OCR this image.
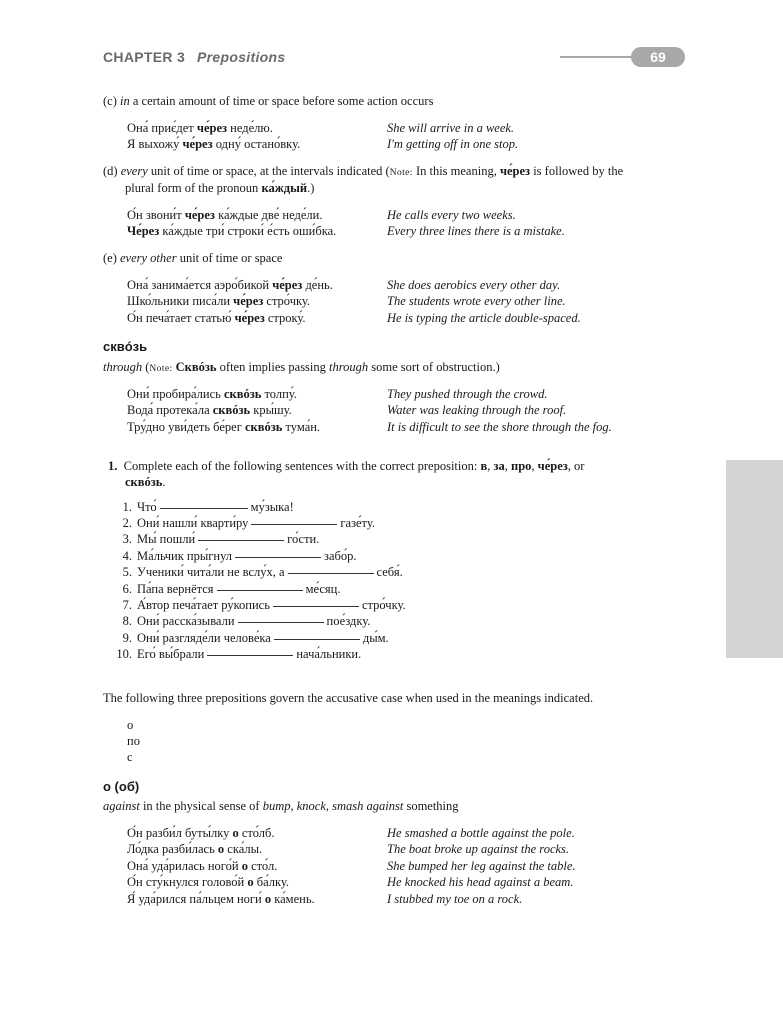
CHAPTER 3 Prepositions	69
(c) in a certain amount of time or space before some action occurs
Она́ приє́дет че́рез неде́лю.	She will arrive in a week.
Я выхожу́ че́рез одну́ остано́вку.	I'm getting off in one stop.
(d) every unit of time or space, at the intervals indicated (Note: In this meaning, че́рез is followed by the
plural form of the pronoun ка́ждый.)
О́н звони́т че́рез ка́ждые две́ неде́ли.	He calls every two weeks.
Че́рез ка́ждые три́ строки́ е́сть оши́бка.	Every three lines there is a mistake.
(e) every other unit of time or space
Она́ занима́ется аэро́бикой че́рез де́нь.	She does aerobics every other day.
Шко́льники писа́ли че́рез стро́чку.	The students wrote every other line.
О́н печа́тает статью́ че́рез строку́.	He is typing the article double-spaced.
сквóзь
through (Note: Сквóзь often implies passing through some sort of obstruction.)
Они́ пробира́лись сквóзь толпу́.	They pushed through the crowd.
Вода́ протека́ла сквóзь кры́шу.	Water was leaking through the roof.
Тру́дно уви́деть бе́рег сквóзь тума́н.	It is difficult to see the shore through the fog.
1. Complete each of the following sentences with the correct preposition: в, за, про, че́рез, or
сквóзь.
1. Что́	му́зыка!
2. Они́ нашли́ кварти́ру	газе́ту.
3. Мы́ пошли́	го́сти.
4. Ма́льчик пры́гнул	забо́р.
5. Ученики́ чита́ли не вслу́х, а	себя́.
6. Па́па вернётся	ме́сяц.
7. А́втор печа́тает ру́копись	стро́чку.
8. Они́ расска́зывали	пое́здку.
9. Они́ разгляде́ли челове́ка	ды́м.
10. Его́ вы́брали	нача́льники.
The following three prepositions govern the accusative case when used in the meanings indicated.
о
по
с
о (об)
against in the physical sense of bump, knock, smash against something
О́н разби́л буты́лку о сто́лб.	He smashed a bottle against the pole.
Ло́дка разби́лась о ска́лы.	The boat broke up against the rocks.
Она́ уда́рилась ного́й о сто́л.	She bumped her leg against the table.
О́н сту́кнулся голово́й о ба́лку.	He knocked his head against a beam.
Я́ уда́рился па́льцем ноги́ о ка́мень.	I stubbed my toe on a rock.
